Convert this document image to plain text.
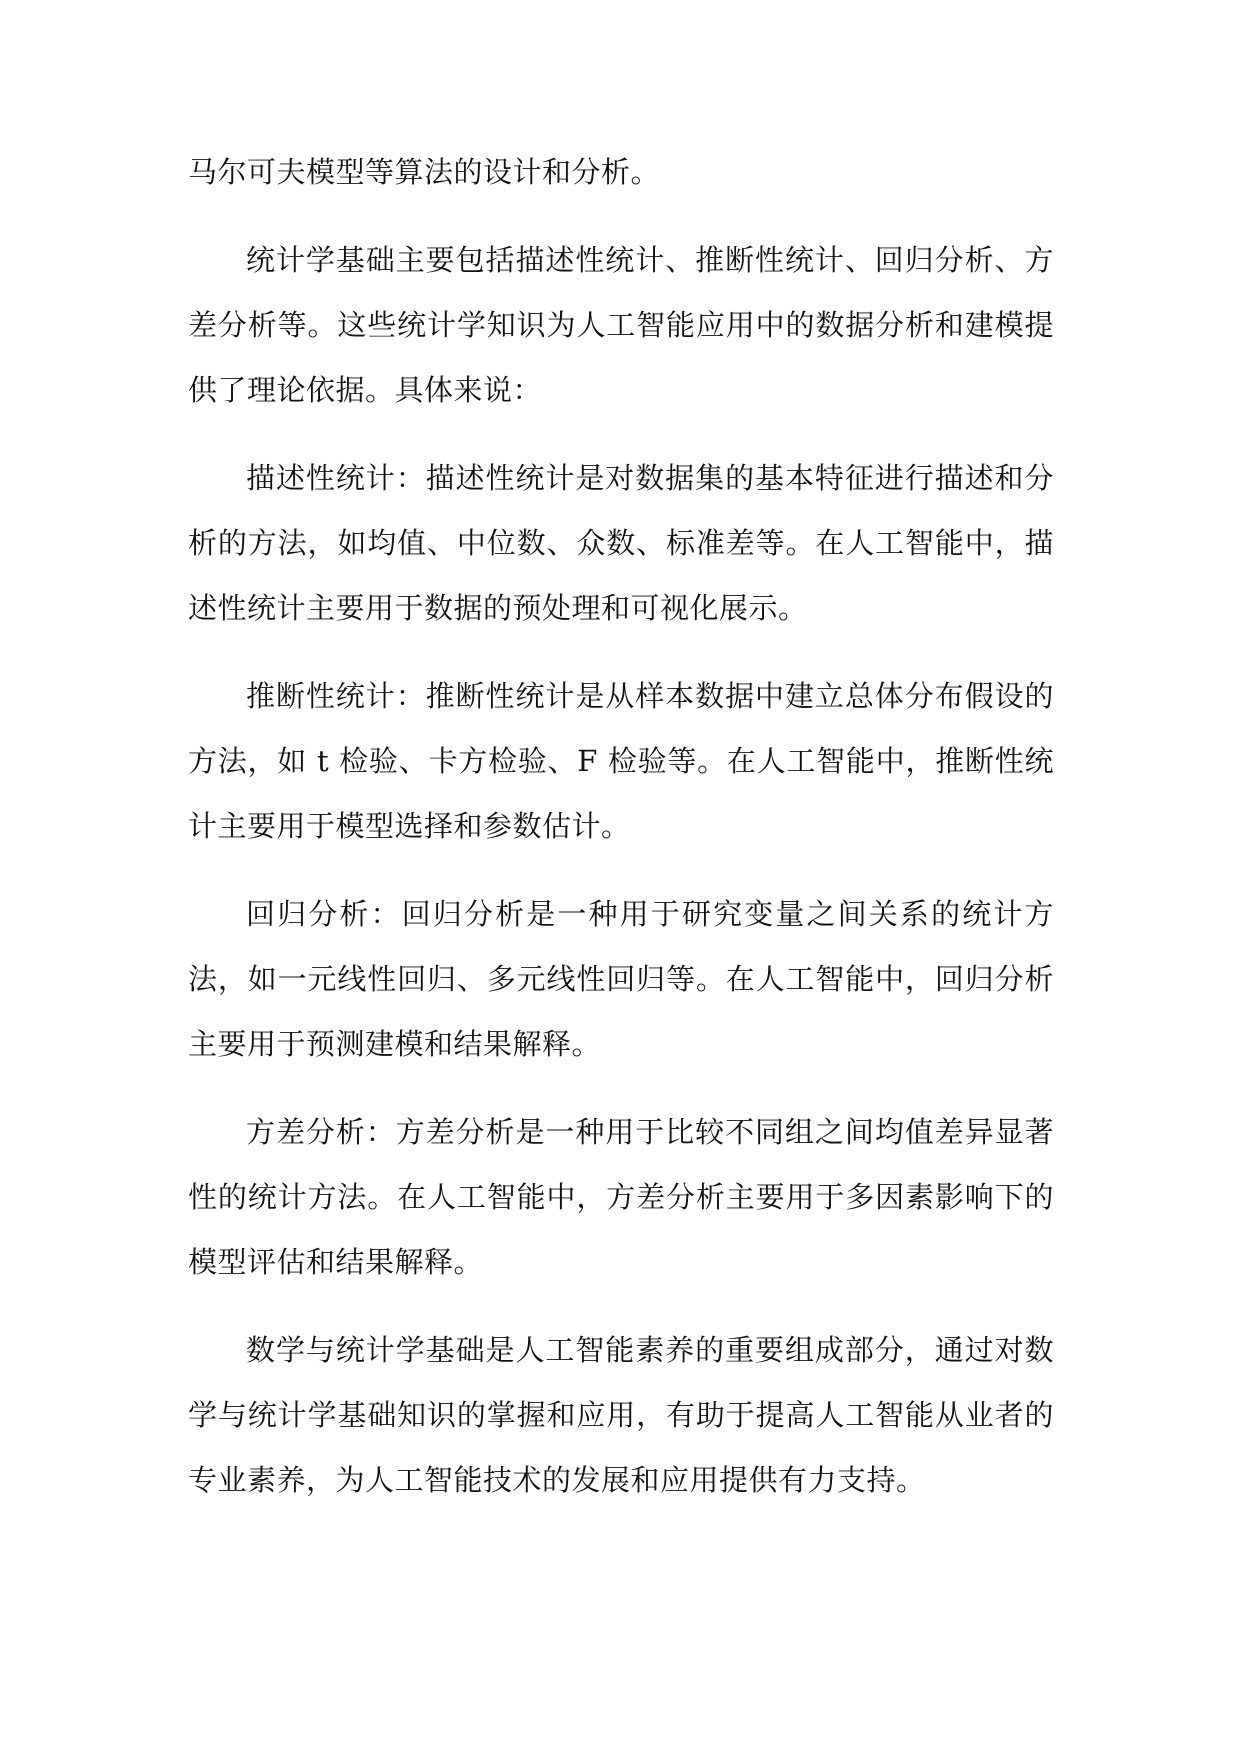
马尔可夫模型等算法的设计和分析。

统计学基础主要包括描述性统计、推断性统计、回归分析、方差分析等。这些统计学知识为人工智能应用中的数据分析和建模提供了理论依据。具体来说：

描述性统计：描述性统计是对数据集的基本特征进行描述和分析的方法，如均值、中位数、众数、标准差等。在人工智能中，描述性统计主要用于数据的预处理和可视化展示。

推断性统计：推断性统计是从样本数据中建立总体分布假设的方法，如 t 检验、卡方检验、F 检验等。在人工智能中，推断性统计主要用于模型选择和参数估计。

回归分析：回归分析是一种用于研究变量之间关系的统计方法，如一元线性回归、多元线性回归等。在人工智能中，回归分析主要用于预测建模和结果解释。

方差分析：方差分析是一种用于比较不同组之间均值差异显著性的统计方法。在人工智能中，方差分析主要用于多因素影响下的模型评估和结果解释。

数学与统计学基础是人工智能素养的重要组成部分，通过对数学与统计学基础知识的掌握和应用，有助于提高人工智能从业者的专业素养，为人工智能技术的发展和应用提供有力支持。
